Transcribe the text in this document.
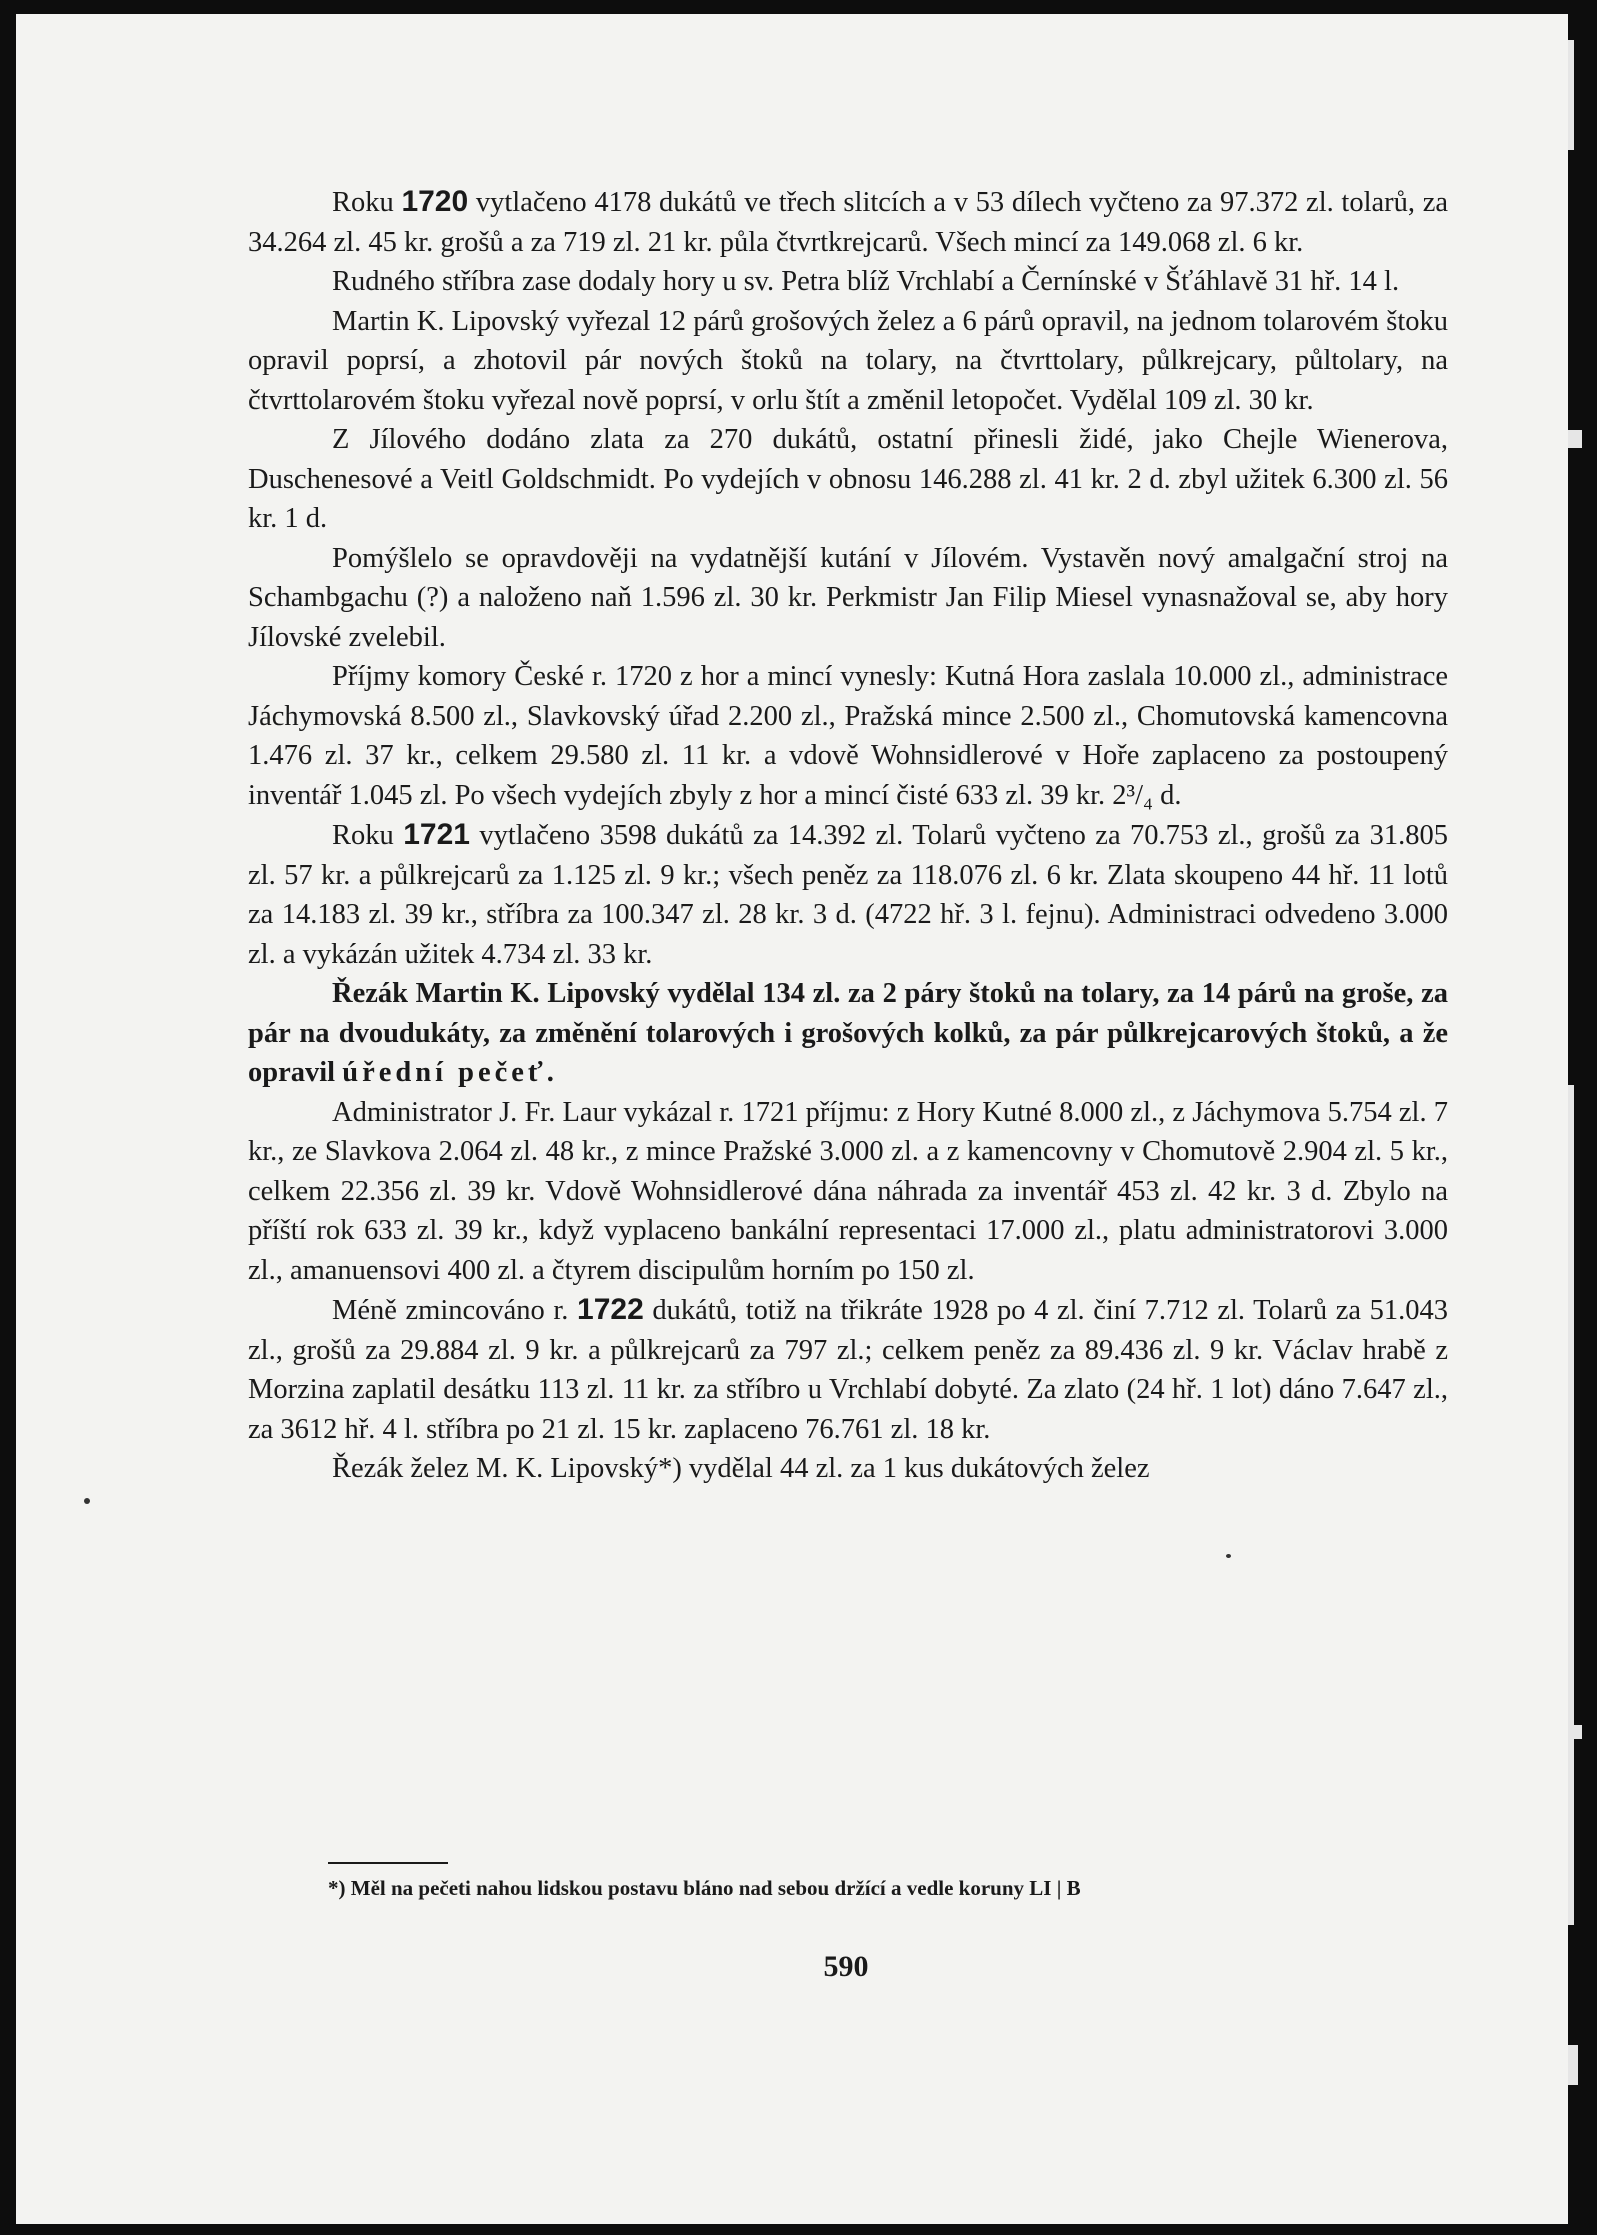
Roku 1720 vytlačeno 4178 dukátů ve třech slitcích a v 53 dílech vyčteno za 97.372 zl. tolarů, za 34.264 zl. 45 kr. grošů a za 719 zl. 21 kr. půla čtvrtkrejcarů. Všech mincí za 149.068 zl. 6 kr.

Rudného stříbra zase dodaly hory u sv. Petra blíž Vrchlabí a Černínské v Šťáhlavě 31 hř. 14 l.

Martin K. Lipovský vyřezal 12 párů grošových želez a 6 párů opravil, na jednom tolarovém štoku opravil poprsí, a zhotovil pár nových štoků na tolary, na čtvrttolary, půlkrejcary, půltolary, na čtvrttolarovém štoku vyřezal nově poprsí, v orlu štít a změnil letopočet. Vydělal 109 zl. 30 kr.

Z Jílového dodáno zlata za 270 dukátů, ostatní přinesli židé, jako Chejle Wienerova, Duschenesové a Veitl Goldschmidt. Po vydejích v obnosu 146.288 zl. 41 kr. 2 d. zbyl užitek 6.300 zl. 56 kr. 1 d.

Pomýšlelo se opravdověji na vydatnější kutání v Jílovém. Vystavěn nový amalgační stroj na Schambgachu (?) a naloženo naň 1.596 zl. 30 kr. Perkmistr Jan Filip Miesel vynasnažoval se, aby hory Jílovské zvelebil.

Příjmy komory České r. 1720 z hor a mincí vynesly: Kutná Hora zaslala 10.000 zl., administrace Jáchymovská 8.500 zl., Slavkovský úřad 2.200 zl., Pražská mince 2.500 zl., Chomutovská kamencovna 1.476 zl. 37 kr., celkem 29.580 zl. 11 kr. a vdově Wohnsidlerové v Hoře zaplaceno za postoupený inventář 1.045 zl. Po všech vydejích zbyly z hor a mincí čisté 633 zl. 39 kr. 2³/₄ d.

Roku 1721 vytlačeno 3598 dukátů za 14.392 zl. Tolarů vyčteno za 70.753 zl., grošů za 31.805 zl. 57 kr. a půlkrejcarů za 1.125 zl. 9 kr.; všech peněz za 118.076 zl. 6 kr. Zlata skoupeno 44 hř. 11 lotů za 14.183 zl. 39 kr., stříbra za 100.347 zl. 28 kr. 3 d. (4722 hř. 3 l. fejnu). Administraci odvedeno 3.000 zl. a vykázán užitek 4.734 zl. 33 kr.

Řezák Martin K. Lipovský vydělal 134 zl. za 2 páry štoků na tolary, za 14 párů na groše, za pár na dvoudukáty, za změnění tolarových i grošových kolků, za pár půlkrejcarových štoků, a že opravil úřední pečeť.

Administrator J. Fr. Laur vykázal r. 1721 příjmu: z Hory Kutné 8.000 zl., z Jáchymova 5.754 zl. 7 kr., ze Slavkova 2.064 zl. 48 kr., z mince Pražské 3.000 zl. a z kamencovny v Chomutově 2.904 zl. 5 kr., celkem 22.356 zl. 39 kr. Vdově Wohnsidlerové dána náhrada za inventář 453 zl. 42 kr. 3 d. Zbylo na příští rok 633 zl. 39 kr., když vyplaceno bankální representaci 17.000 zl., platu administratorovi 3.000 zl., amanuensovi 400 zl. a čtyrem discipulům horním po 150 zl.

Méně zmincováno r. 1722 dukátů, totiž na třikráte 1928 po 4 zl. činí 7.712 zl. Tolarů za 51.043 zl., grošů za 29.884 zl. 9 kr. a půlkrejcarů za 797 zl.; celkem peněz za 89.436 zl. 9 kr. Václav hrabě z Morzina zaplatil desátku 113 zl. 11 kr. za stříbro u Vrchlabí dobyté. Za zlato (24 hř. 1 lot) dáno 7.647 zl., za 3612 hř. 4 l. stříbra po 21 zl. 15 kr. zaplaceno 76.761 zl. 18 kr.

Řezák želez M. K. Lipovský*) vydělal 44 zl. za 1 kus dukátových želez

*) Měl na pečeti nahou lidskou postavu bláno nad sebou držící a vedle koruny LI | B
590
